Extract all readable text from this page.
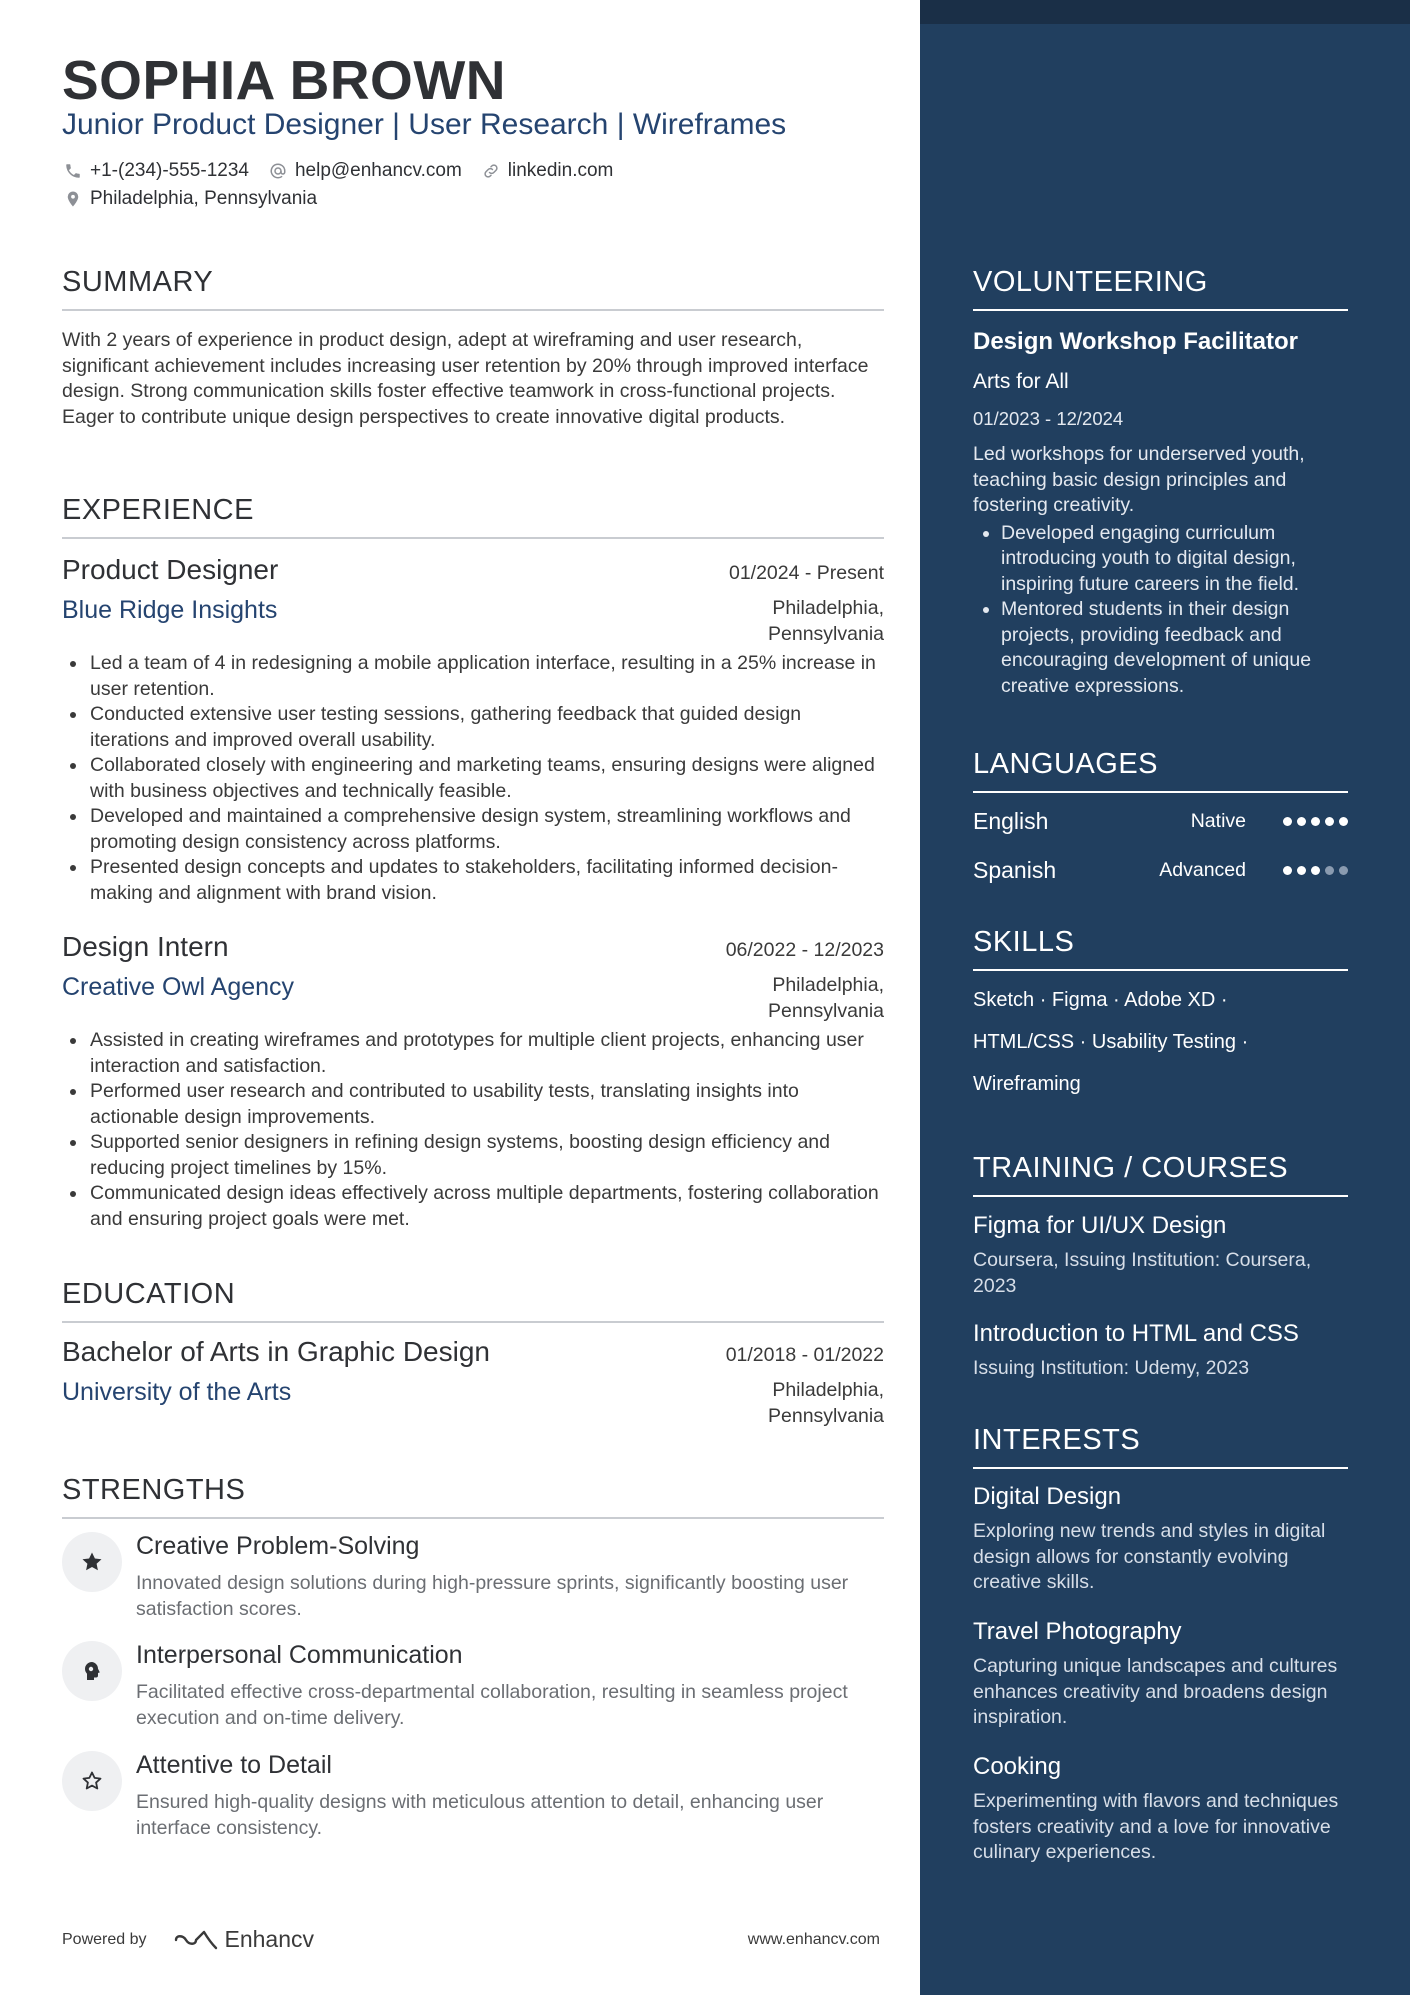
SOPHIA BROWN
Junior Product Designer | User Research | Wireframes
+1-(234)-555-1234 help@enhancv.com linkedin.com
Philadelphia, Pennsylvania
SUMMARY
With 2 years of experience in product design, adept at wireframing and user research, significant achievement includes increasing user retention by 20% through improved interface design. Strong communication skills foster effective teamwork in cross-functional projects. Eager to contribute unique design perspectives to create innovative digital products.
EXPERIENCE
Product Designer	01/2024 - Present
Blue Ridge Insights	Philadelphia, Pennsylvania
Led a team of 4 in redesigning a mobile application interface, resulting in a 25% increase in user retention.
Conducted extensive user testing sessions, gathering feedback that guided design iterations and improved overall usability.
Collaborated closely with engineering and marketing teams, ensuring designs were aligned with business objectives and technically feasible.
Developed and maintained a comprehensive design system, streamlining workflows and promoting design consistency across platforms.
Presented design concepts and updates to stakeholders, facilitating informed decision-making and alignment with brand vision.
Design Intern	06/2022 - 12/2023
Creative Owl Agency	Philadelphia, Pennsylvania
Assisted in creating wireframes and prototypes for multiple client projects, enhancing user interaction and satisfaction.
Performed user research and contributed to usability tests, translating insights into actionable design improvements.
Supported senior designers in refining design systems, boosting design efficiency and reducing project timelines by 15%.
Communicated design ideas effectively across multiple departments, fostering collaboration and ensuring project goals were met.
EDUCATION
Bachelor of Arts in Graphic Design	01/2018 - 01/2022
University of the Arts	Philadelphia, Pennsylvania
STRENGTHS
Creative Problem-Solving
Innovated design solutions during high-pressure sprints, significantly boosting user satisfaction scores.
Interpersonal Communication
Facilitated effective cross-departmental collaboration, resulting in seamless project execution and on-time delivery.
Attentive to Detail
Ensured high-quality designs with meticulous attention to detail, enhancing user interface consistency.
Powered by	Enhancv	www.enhancv.com
VOLUNTEERING
Design Workshop Facilitator
Arts for All
01/2023 - 12/2024
Led workshops for underserved youth, teaching basic design principles and fostering creativity.
Developed engaging curriculum introducing youth to digital design, inspiring future careers in the field.
Mentored students in their design projects, providing feedback and encouraging development of unique creative expressions.
LANGUAGES
English	Native
Spanish	Advanced
SKILLS
Sketch · Figma · Adobe XD ·
HTML/CSS · Usability Testing ·
Wireframing
TRAINING / COURSES
Figma for UI/UX Design
Coursera, Issuing Institution: Coursera, 2023
Introduction to HTML and CSS
Issuing Institution: Udemy, 2023
INTERESTS
Digital Design
Exploring new trends and styles in digital design allows for constantly evolving creative skills.
Travel Photography
Capturing unique landscapes and cultures enhances creativity and broadens design inspiration.
Cooking
Experimenting with flavors and techniques fosters creativity and a love for innovative culinary experiences.
